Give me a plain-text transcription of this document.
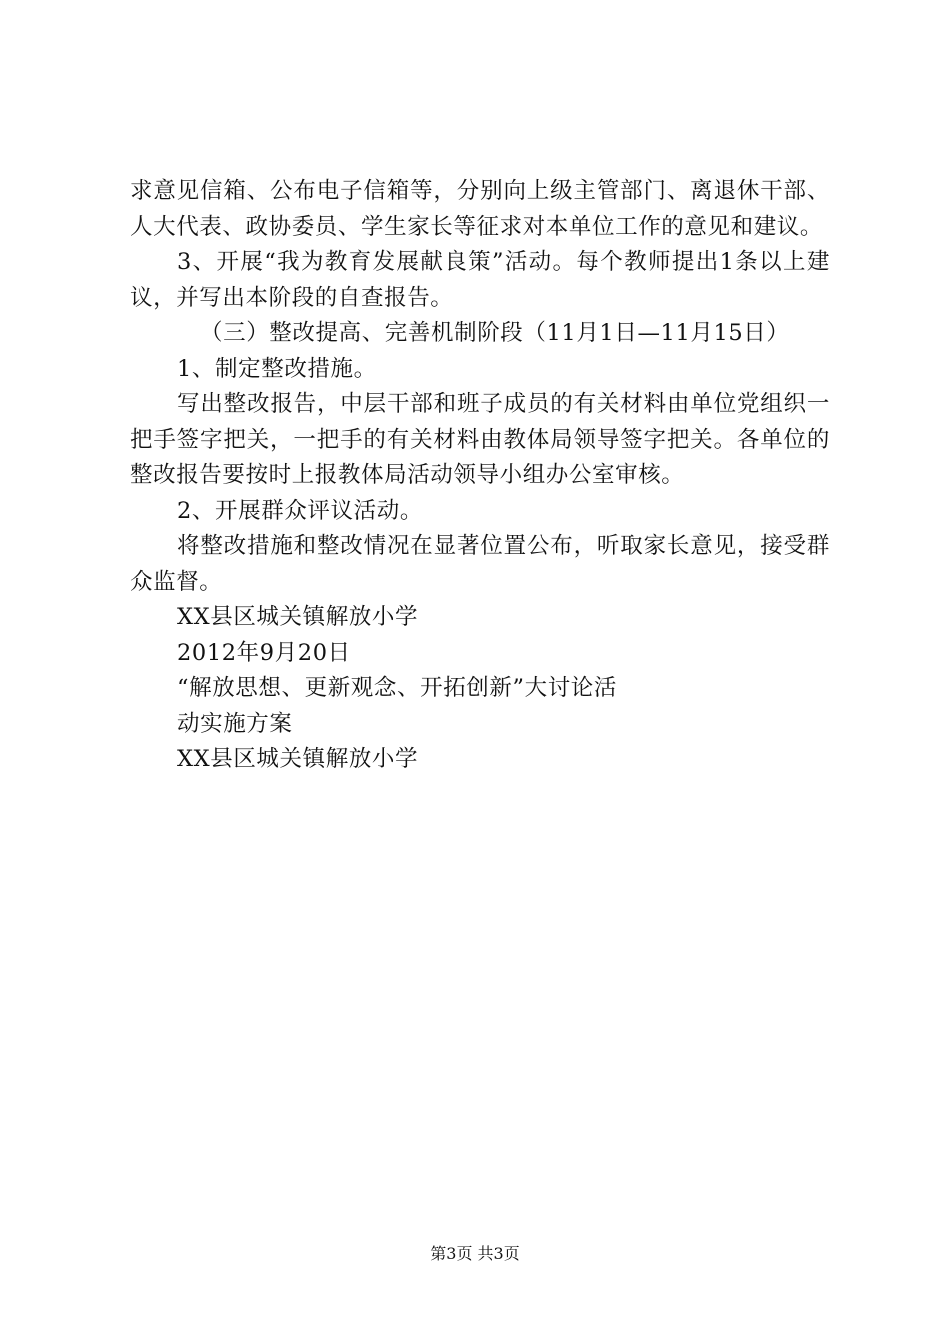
求意见信箱、公布电子信箱等，分别向上级主管部门、离退休干部、人大代表、政协委员、学生家长等征求对本单位工作的意见和建议。

3、开展“我为教育发展献良策”活动。每个教师提出1条以上建议，并写出本阶段的自查报告。

（三）整改提高、完善机制阶段（11月1日—11月15日）

1、制定整改措施。

写出整改报告，中层干部和班子成员的有关材料由单位党组织一把手签字把关，一把手的有关材料由教体局领导签字把关。各单位的整改报告要按时上报教体局活动领导小组办公室审核。

2、开展群众评议活动。

将整改措施和整改情况在显著位置公布，听取家长意见，接受群众监督。

XX县区城关镇解放小学

2012年9月20日

“解放思想、更新观念、开拓创新”大讨论活

动实施方案

XX县区城关镇解放小学

第3页 共3页
